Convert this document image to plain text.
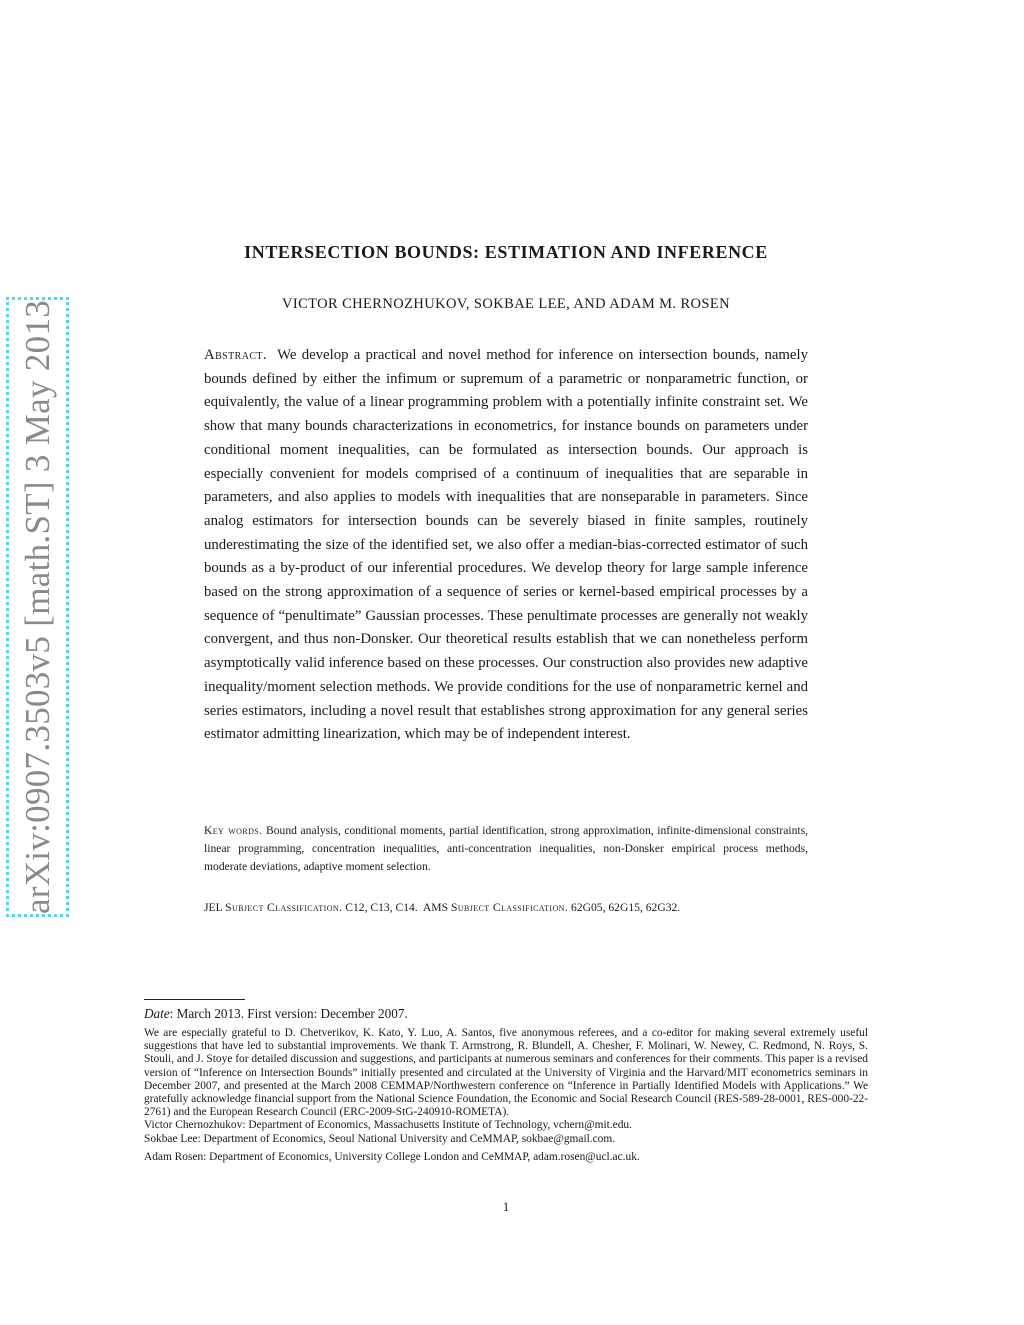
arXiv:0907.3503v5 [math.ST] 3 May 2013
INTERSECTION BOUNDS: ESTIMATION AND INFERENCE
VICTOR CHERNOZHUKOV, SOKBAE LEE, AND ADAM M. ROSEN
Abstract. We develop a practical and novel method for inference on intersection bounds, namely bounds defined by either the infimum or supremum of a parametric or nonparametric function, or equivalently, the value of a linear programming problem with a potentially infinite constraint set. We show that many bounds characterizations in econometrics, for instance bounds on parameters under conditional moment inequalities, can be formulated as intersection bounds. Our approach is especially convenient for models comprised of a continuum of inequalities that are separable in parameters, and also applies to models with inequalities that are nonseparable in parameters. Since analog estimators for intersection bounds can be severely biased in finite samples, routinely underestimating the size of the identified set, we also offer a median-bias-corrected estimator of such bounds as a by-product of our inferential procedures. We develop theory for large sample inference based on the strong approximation of a sequence of series or kernel-based empirical processes by a sequence of “penultimate” Gaussian processes. These penultimate processes are generally not weakly convergent, and thus non-Donsker. Our theoretical results establish that we can nonetheless perform asymptotically valid inference based on these processes. Our construction also provides new adaptive inequality/moment selection methods. We provide conditions for the use of nonparametric kernel and series estimators, including a novel result that establishes strong approximation for any general series estimator admitting linearization, which may be of independent interest.
Key words. Bound analysis, conditional moments, partial identification, strong approximation, infinite-dimensional constraints, linear programming, concentration inequalities, anti-concentration inequalities, non-Donsker empirical process methods, moderate deviations, adaptive moment selection.
JEL Subject Classification. C12, C13, C14. AMS Subject Classification. 62G05, 62G15, 62G32.
Date: March 2013. First version: December 2007.
We are especially grateful to D. Chetverikov, K. Kato, Y. Luo, A. Santos, five anonymous referees, and a co-editor for making several extremely useful suggestions that have led to substantial improvements. We thank T. Armstrong, R. Blundell, A. Chesher, F. Molinari, W. Newey, C. Redmond, N. Roys, S. Stouli, and J. Stoye for detailed discussion and suggestions, and participants at numerous seminars and conferences for their comments. This paper is a revised version of “Inference on Intersection Bounds” initially presented and circulated at the University of Virginia and the Harvard/MIT econometrics seminars in December 2007, and presented at the March 2008 CEMMAP/Northwestern conference on “Inference in Partially Identified Models with Applications.” We gratefully acknowledge financial support from the National Science Foundation, the Economic and Social Research Council (RES-589-28-0001, RES-000-22-2761) and the European Research Council (ERC-2009-StG-240910-ROMETA).
Victor Chernozhukov: Department of Economics, Massachusetts Institute of Technology, vchern@mit.edu.
Sokbae Lee: Department of Economics, Seoul National University and CeMMAP, sokbae@gmail.com.
Adam Rosen: Department of Economics, University College London and CeMMAP, adam.rosen@ucl.ac.uk.
1
